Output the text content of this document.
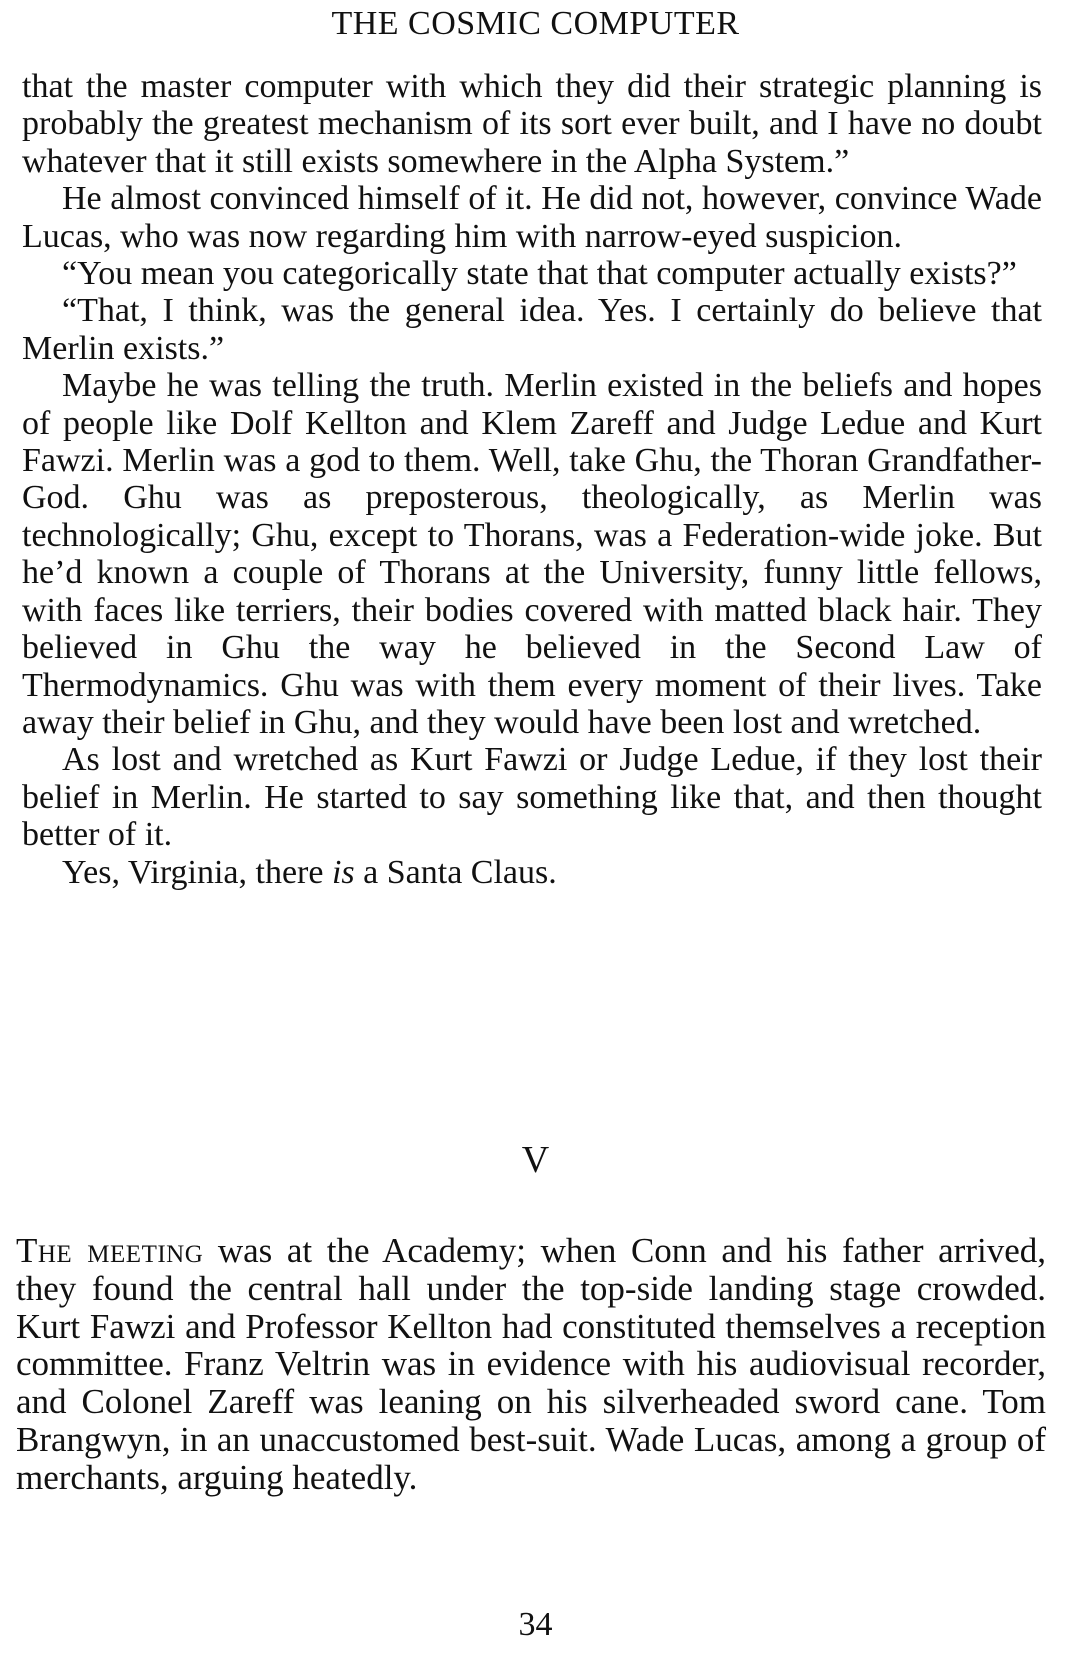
THE COSMIC COMPUTER

that the master computer with which they did their strategic planning is probably the greatest mechanism of its sort ever built, and I have no doubt whatever that it still exists somewhere in the Alpha System.”

He almost convinced himself of it. He did not, however, convince Wade Lucas, who was now regarding him with narrow-eyed suspicion.

“You mean you categorically state that that computer actually exists?”

“That, I think, was the general idea. Yes. I certainly do believe that Merlin exists.”

Maybe he was telling the truth. Merlin existed in the beliefs and hopes of people like Dolf Kellton and Klem Zareff and Judge Ledue and Kurt Fawzi. Merlin was a god to them. Well, take Ghu, the Thoran Grandfather-God. Ghu was as preposterous, theologically, as Merlin was technologically; Ghu, except to Thorans, was a Federation-wide joke. But he’d known a couple of Thorans at the University, funny little fellows, with faces like terriers, their bodies covered with matted black hair. They believed in Ghu the way he believed in the Second Law of Thermodynamics. Ghu was with them every moment of their lives. Take away their belief in Ghu, and they would have been lost and wretched.

As lost and wretched as Kurt Fawzi or Judge Ledue, if they lost their belief in Merlin. He started to say something like that, and then thought better of it.

Yes, Virginia, there is a Santa Claus.

V

The meeting was at the Academy; when Conn and his father arrived, they found the central hall under the top-side landing stage crowded. Kurt Fawzi and Professor Kellton had constituted themselves a reception committee. Franz Veltrin was in evidence with his audiovisual recorder, and Colonel Zareff was leaning on his silverheaded sword cane. Tom Brangwyn, in an unaccustomed best-suit. Wade Lucas, among a group of merchants, arguing heatedly.

34
